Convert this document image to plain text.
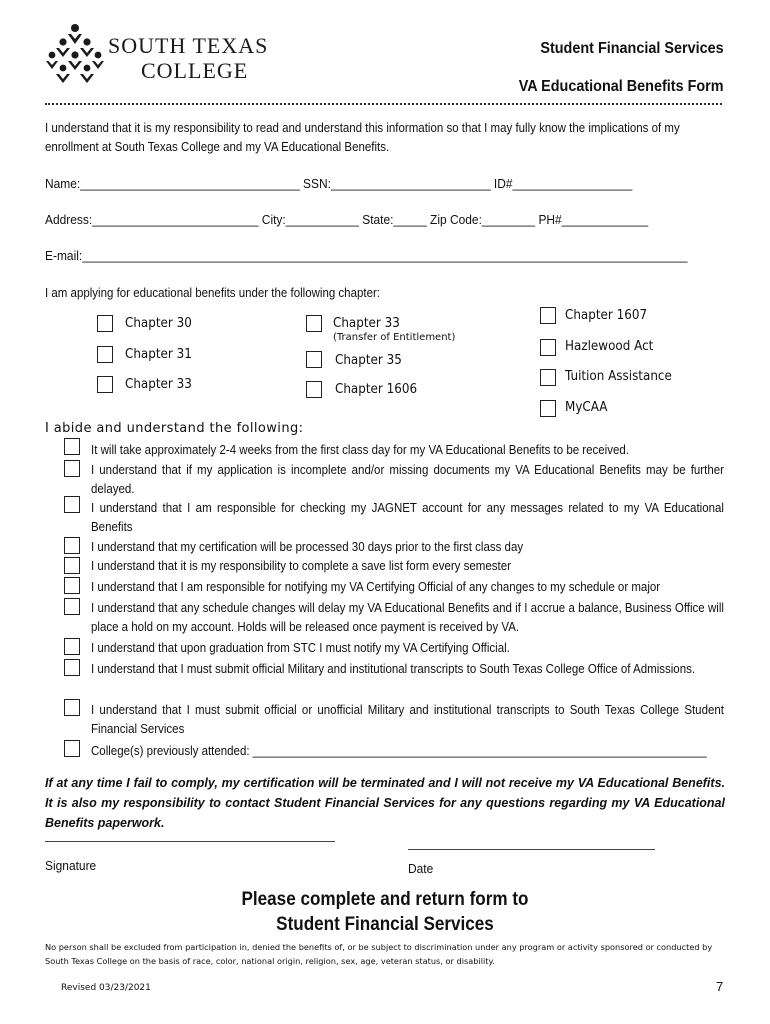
SOUTH TEXAS
COLLEGE
Student Financial Services
VA Educational Benefits Form
I understand that it is my responsibility to read and understand this information so that I may fully know the implications of my enrollment at South Texas College and my VA Educational Benefits.
Name:_________________________________ SSN:________________________ ID#__________________
Address:_________________________ City:___________ State:_____ Zip Code:________ PH#_____________
E-mail:___________________________________________________________________________________________
I am applying for educational benefits under the following chapter:
Chapter 30
Chapter 31
Chapter 33
Chapter 33
(Transfer of Entitlement)
Chapter 35
Chapter 1606
Chapter 1607
Hazlewood Act
Tuition Assistance
MyCAA
I abide and understand the following:
It will take approximately 2-4 weeks from the first class day for my VA Educational Benefits to be received.
I understand that if my application is incomplete and/or missing documents my VA Educational Benefits may be further delayed.
I understand that I am responsible for checking my JAGNET account for any messages related to my VA Educational Benefits
I understand that my certification will be processed 30 days prior to the first class day
I understand that it is my responsibility to complete a save list form every semester
I understand that I am responsible for notifying my VA Certifying Official of any changes to my schedule or major
I understand that any schedule changes will delay my VA Educational Benefits and if I accrue a balance, Business Office will place a hold on my account. Holds will be released once payment is received by VA.
I understand that upon graduation from STC I must notify my VA Certifying Official.
I understand that I must submit official Military and institutional transcripts to South Texas College Office of Admissions.
I understand that I must submit official or unofficial Military and institutional transcripts to South Texas College Student Financial Services
College(s) previously attended: _______________________________________________________________________
If at any time I fail to comply, my certification will be terminated and I will not receive my VA Educational Benefits. It is also my responsibility to contact Student Financial Services for any questions regarding my VA Educational Benefits paperwork.
Signature	Date
Please complete and return form to
Student Financial Services
No person shall be excluded from participation in, denied the benefits of, or be subject to discrimination under any program or activity sponsored or conducted by South Texas College on the basis of race, color, national origin, religion, sex, age, veteran status, or disability.
Revised 03/23/2021	7
